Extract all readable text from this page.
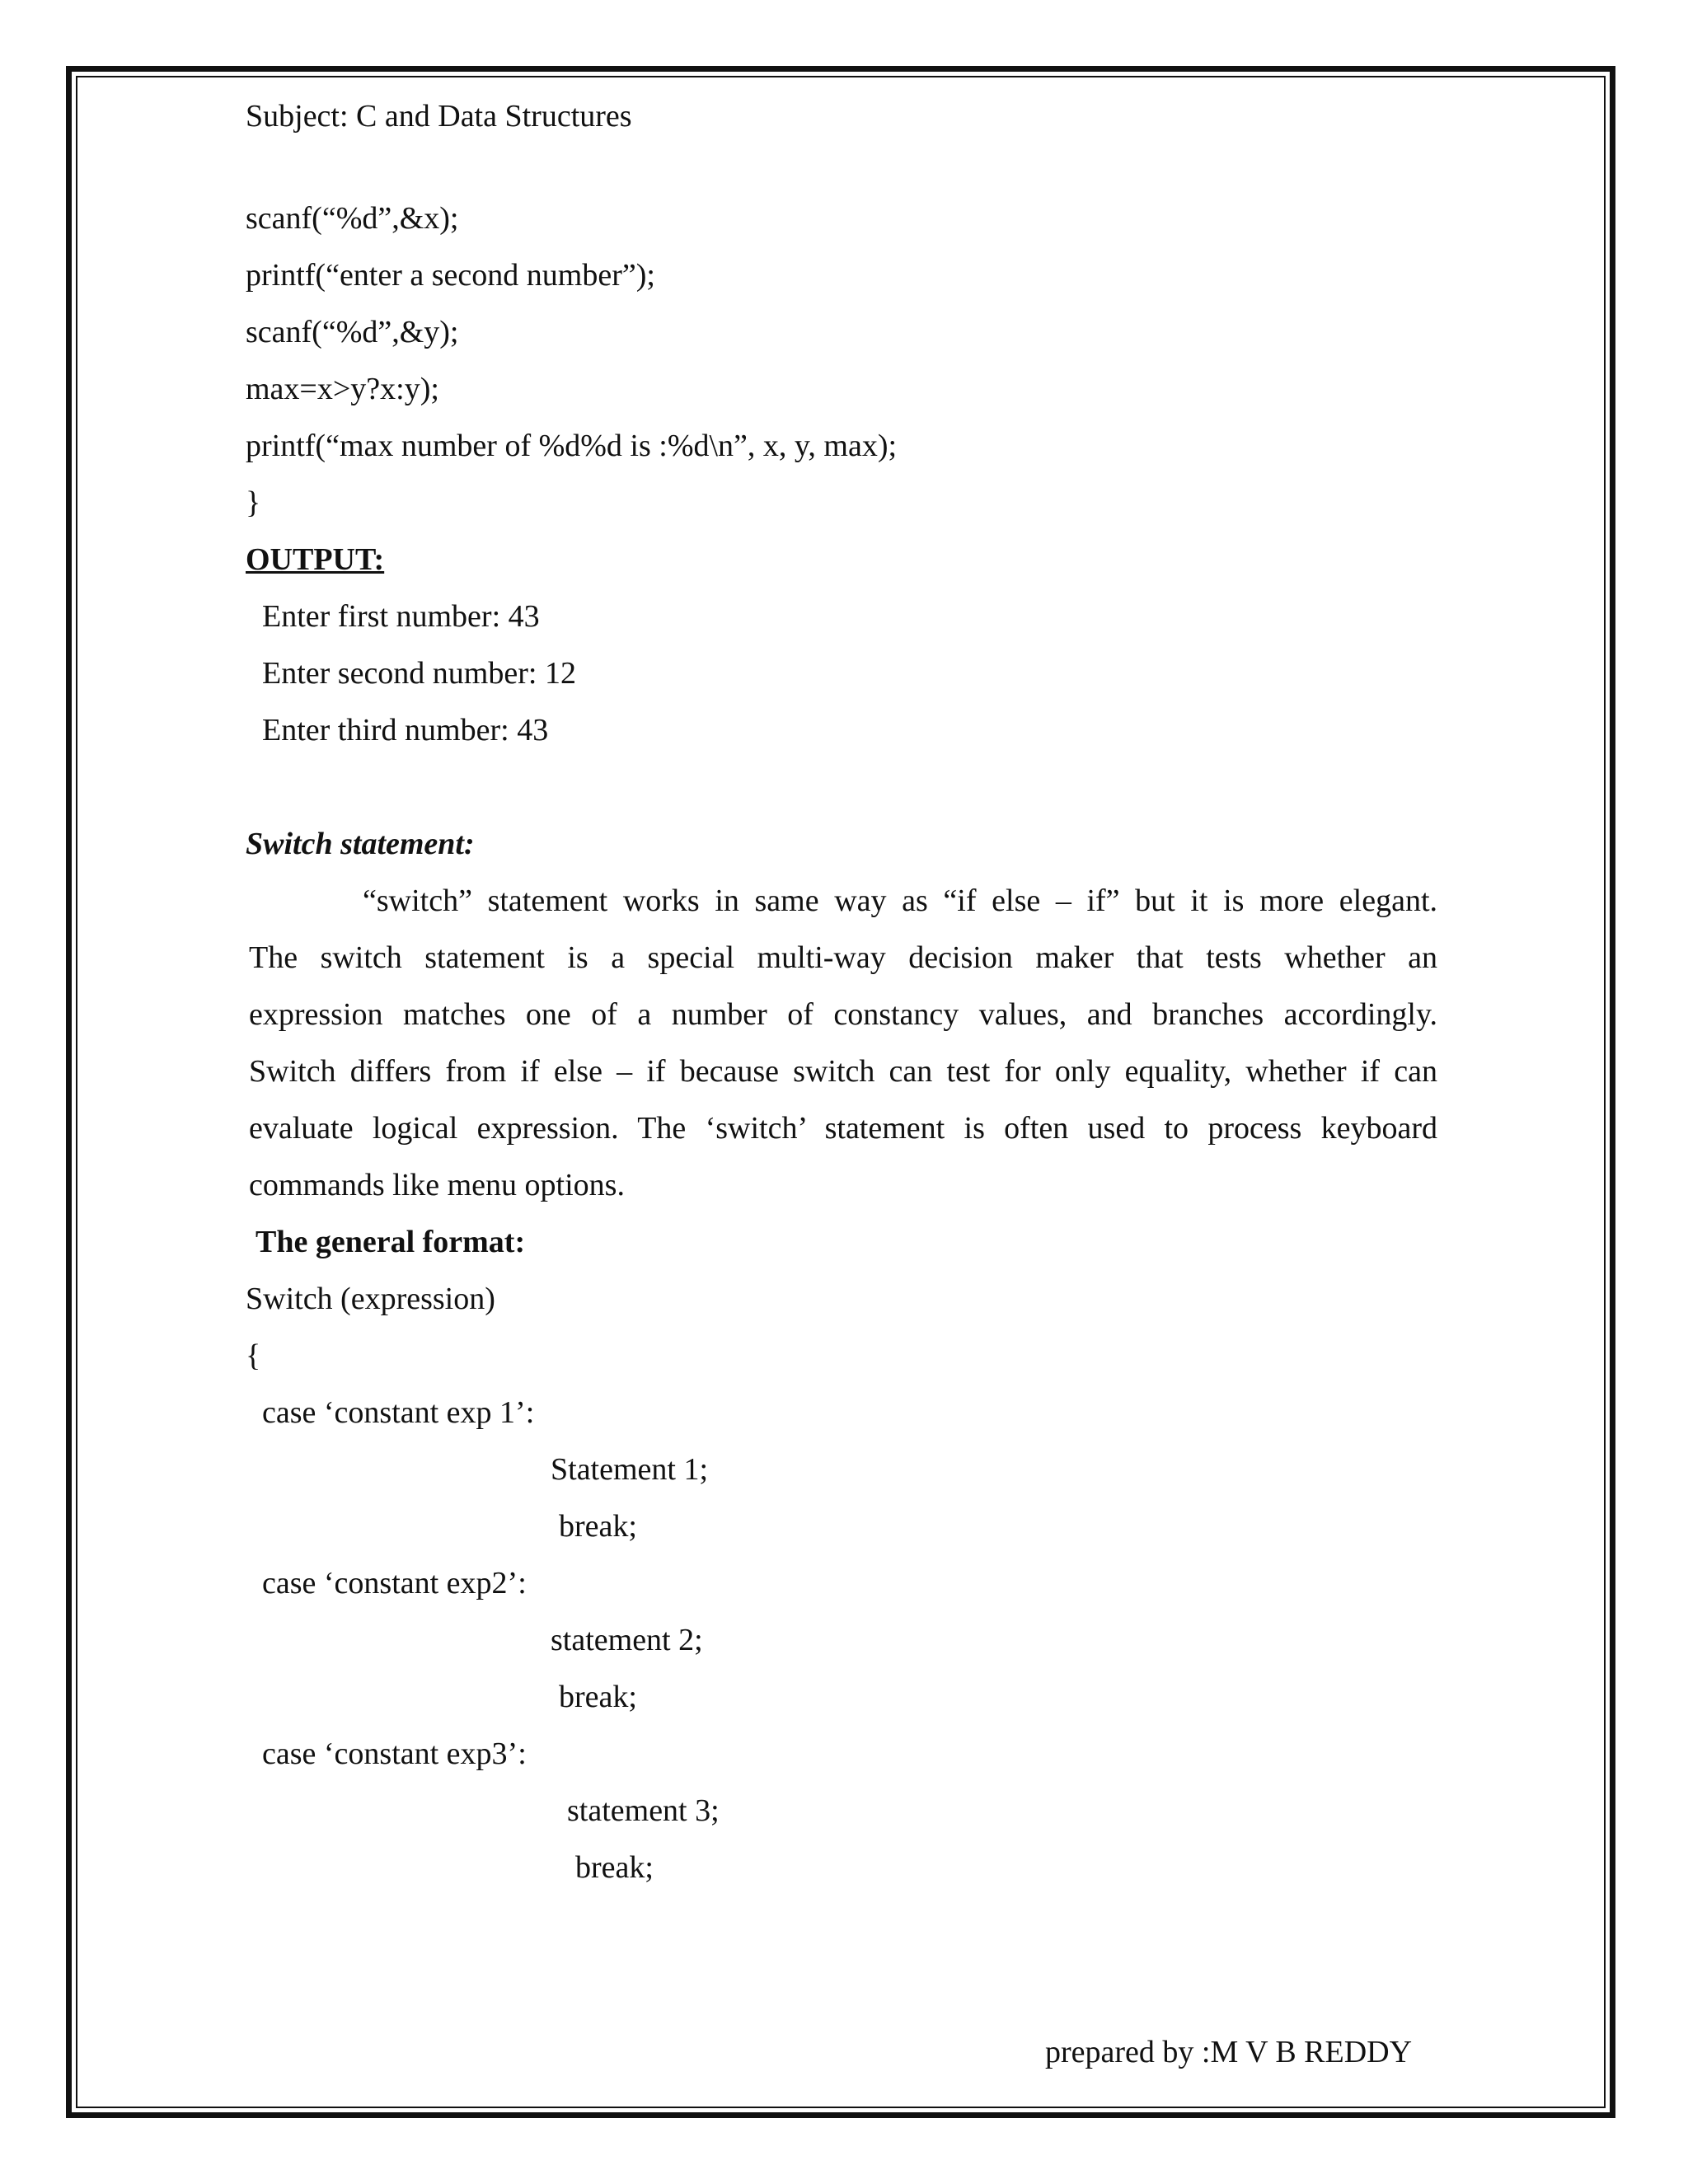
Subject: C and Data Structures
scanf(“%d”,&x);
printf(“enter a second number”);
scanf(“%d”,&y);
max=x>y?x:y);
printf(“max number of %d%d is :%d\n”, x, y, max);
}
OUTPUT:
Enter first number: 43
Enter second number: 12
Enter third number: 43
Switch statement:
“switch” statement works in same way as “if else – if” but it is more elegant.
The switch statement is a special multi-way decision maker that tests whether an
expression matches one of a number of constancy values, and branches accordingly.
Switch differs from if else – if because switch can test for only equality, whether if can
evaluate logical expression. The ‘switch’ statement is often used to process keyboard
commands like menu options.
The general format:
Switch (expression)
{
case ‘constant exp 1’:
Statement 1;
break;
case ‘constant exp2’:
statement 2;
break;
case ‘constant exp3’:
statement 3;
break;
prepared by :M V B REDDY
